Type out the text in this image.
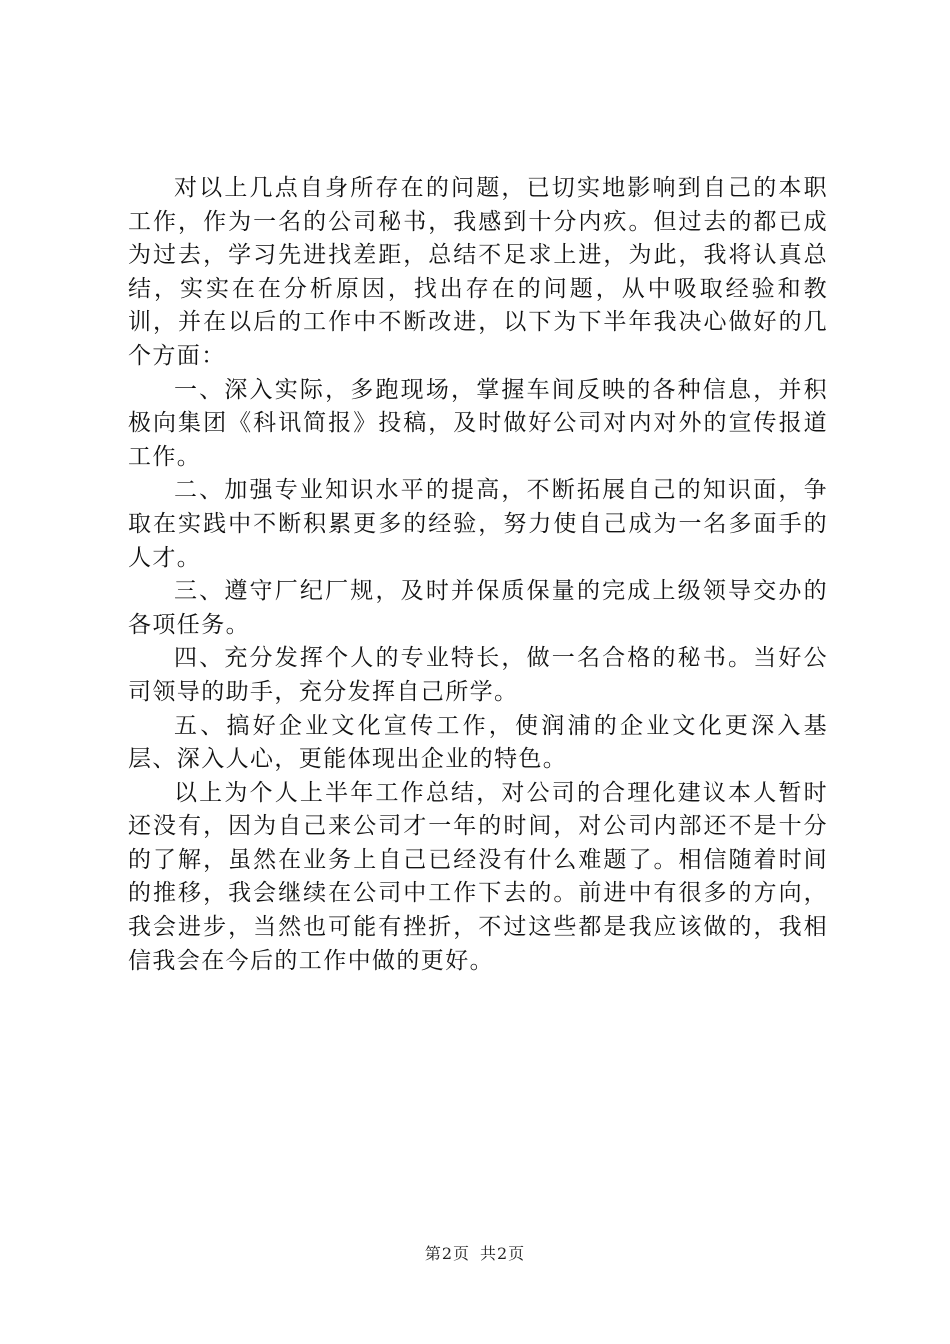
对以上几点自身所存在的问题，已切实地影响到自己的本职工作，作为一名的公司秘书，我感到十分内疚。但过去的都已成为过去，学习先进找差距，总结不足求上进，为此，我将认真总结，实实在在分析原因，找出存在的问题，从中吸取经验和教训，并在以后的工作中不断改进，以下为下半年我决心做好的几个方面：

一、深入实际，多跑现场，掌握车间反映的各种信息，并积极向集团《科讯简报》投稿，及时做好公司对内对外的宣传报道工作。

二、加强专业知识水平的提高，不断拓展自己的知识面，争取在实践中不断积累更多的经验，努力使自己成为一名多面手的人才。

三、遵守厂纪厂规，及时并保质保量的完成上级领导交办的各项任务。

四、充分发挥个人的专业特长，做一名合格的秘书。当好公司领导的助手，充分发挥自己所学。

五、搞好企业文化宣传工作，使润浦的企业文化更深入基层、深入人心，更能体现出企业的特色。

以上为个人上半年工作总结，对公司的合理化建议本人暂时还没有，因为自己来公司才一年的时间，对公司内部还不是十分的了解，虽然在业务上自己已经没有什么难题了。相信随着时间的推移，我会继续在公司中工作下去的。前进中有很多的方向，我会进步，当然也可能有挫折，不过这些都是我应该做的，我相信我会在今后的工作中做的更好。

第2页 共2页
